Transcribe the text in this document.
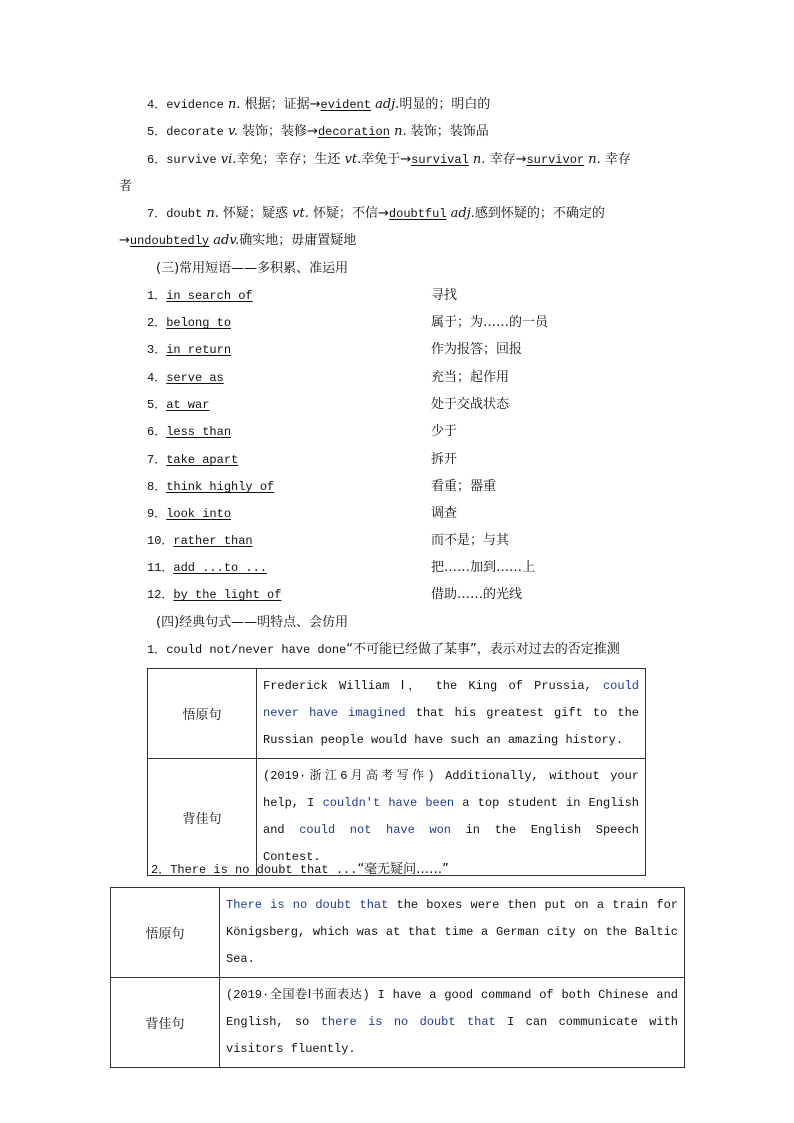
4．evidence n. 根据；证据→evident adj.明显的；明白的
5．decorate v. 装饰；装修→decoration n. 装饰；装饰品
6．survive vi.幸免；幸存；生还 vt.幸免于→survival n. 幸存→survivor n. 幸存
者
7．doubt n. 怀疑；疑惑 vt. 怀疑；不信→doubtful adj.感到怀疑的；不确定的
→undoubtedly adv.确实地；毋庸置疑地
(三)常用短语——多积累、准运用
1．in search of	寻找
2．belong to	属于；为……的一员
3．in return	作为报答；回报
4．serve as	充当；起作用
5．at war	处于交战状态
6．less than	少于
7．take apart	拆开
8．think highly of	看重；器重
9．look into	调查
10．rather than	而不是；与其
11．add ...to ...	把……加到……上
12．by the light of	借助……的光线
(四)经典句式——明特点、会仿用
1．could not/never have done“不可能已经做了某事”，表示对过去的否定推测
悟原句	Frederick William Ⅰ， the King of Prussia, could never have imagined that his greatest gift to the Russian people would have such an amazing history.
背佳句	(2019·浙江6月高考写作) Additionally, without your help, I couldn't have been a top student in English and could not have won in the English Speech Contest.
2．There is no doubt that ...“毫无疑问……”
悟原句	There is no doubt that the boxes were then put on a train for Königsberg, which was at that time a German city on the Baltic Sea.
背佳句	(2019·全国卷Ⅰ书面表达) I have a good command of both Chinese and English, so there is no doubt that I can communicate with visitors fluently.
